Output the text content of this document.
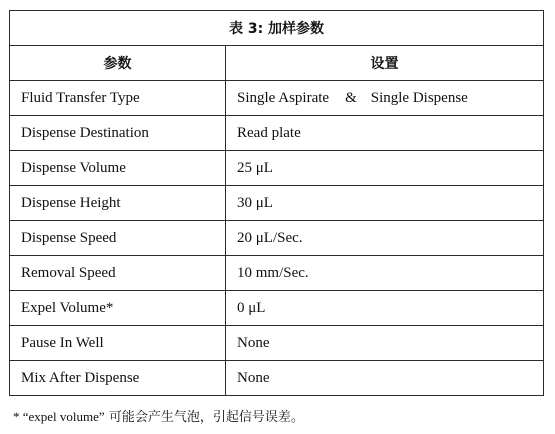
表 3: 加样参数	
参数	设置
Fluid Transfer Type	Single Aspirate & Single Dispense
Dispense Destination	Read plate
Dispense Volume	25 μL
Dispense Height	30 μL
Dispense Speed	20 μL/Sec.
Removal Speed	10 mm/Sec.
Expel Volume*	0 μL
Pause In Well	None
Mix After Dispense	None
* “expel volume” 可能会产生气泡，引起信号误差。
